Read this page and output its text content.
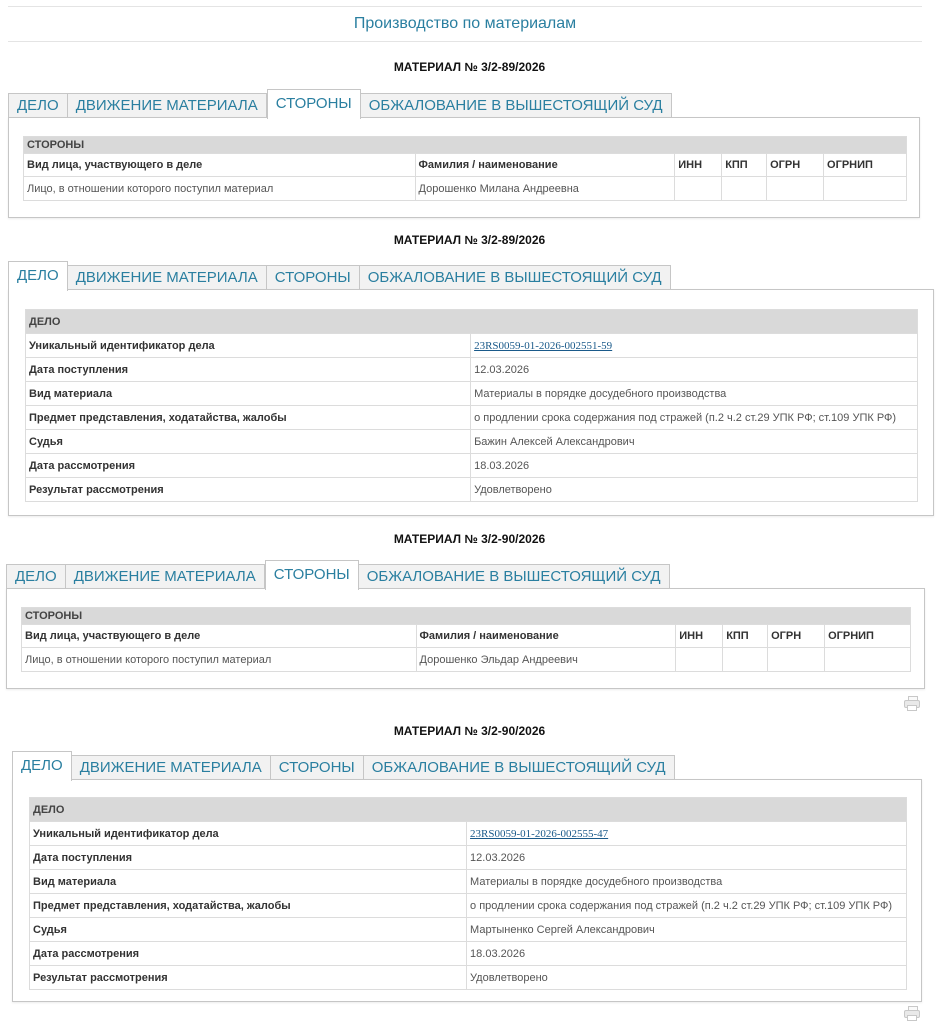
Производство по материалам
МАТЕРИАЛ № 3/2-89/2026
ДЕЛО	ДВИЖЕНИЕ МАТЕРИАЛА	СТОРОНЫ	ОБЖАЛОВАНИЕ В ВЫШЕСТОЯЩИЙ СУД
СТОРОНЫ					
Вид лица, участвующего в деле	Фамилия / наименование	ИНН	КПП	ОГРН	ОГРНИП
Лицо, в отношении которого поступил материал	Дорошенко Милана Андреевна				
МАТЕРИАЛ № 3/2-89/2026
ДЕЛО	ДВИЖЕНИЕ МАТЕРИАЛА	СТОРОНЫ	ОБЖАЛОВАНИЕ В ВЫШЕСТОЯЩИЙ СУД
ДЕЛО	
Уникальный идентификатор дела	23RS0059-01-2026-002551-59
Дата поступления	12.03.2026
Вид материала	Материалы в порядке досудебного производства
Предмет представления, ходатайства, жалобы	о продлении срока содержания под стражей (п.2 ч.2 ст.29 УПК РФ; ст.109 УПК РФ)
Судья	Бажин Алексей Александрович
Дата рассмотрения	18.03.2026
Результат рассмотрения	Удовлетворено
МАТЕРИАЛ № 3/2-90/2026
ДЕЛО	ДВИЖЕНИЕ МАТЕРИАЛА	СТОРОНЫ	ОБЖАЛОВАНИЕ В ВЫШЕСТОЯЩИЙ СУД
СТОРОНЫ					
Вид лица, участвующего в деле	Фамилия / наименование	ИНН	КПП	ОГРН	ОГРНИП
Лицо, в отношении которого поступил материал	Дорошенко Эльдар Андреевич				
МАТЕРИАЛ № 3/2-90/2026
ДЕЛО	ДВИЖЕНИЕ МАТЕРИАЛА	СТОРОНЫ	ОБЖАЛОВАНИЕ В ВЫШЕСТОЯЩИЙ СУД
ДЕЛО	
Уникальный идентификатор дела	23RS0059-01-2026-002555-47
Дата поступления	12.03.2026
Вид материала	Материалы в порядке досудебного производства
Предмет представления, ходатайства, жалобы	о продлении срока содержания под стражей (п.2 ч.2 ст.29 УПК РФ; ст.109 УПК РФ)
Судья	Мартыненко Сергей Александрович
Дата рассмотрения	18.03.2026
Результат рассмотрения	Удовлетворено
